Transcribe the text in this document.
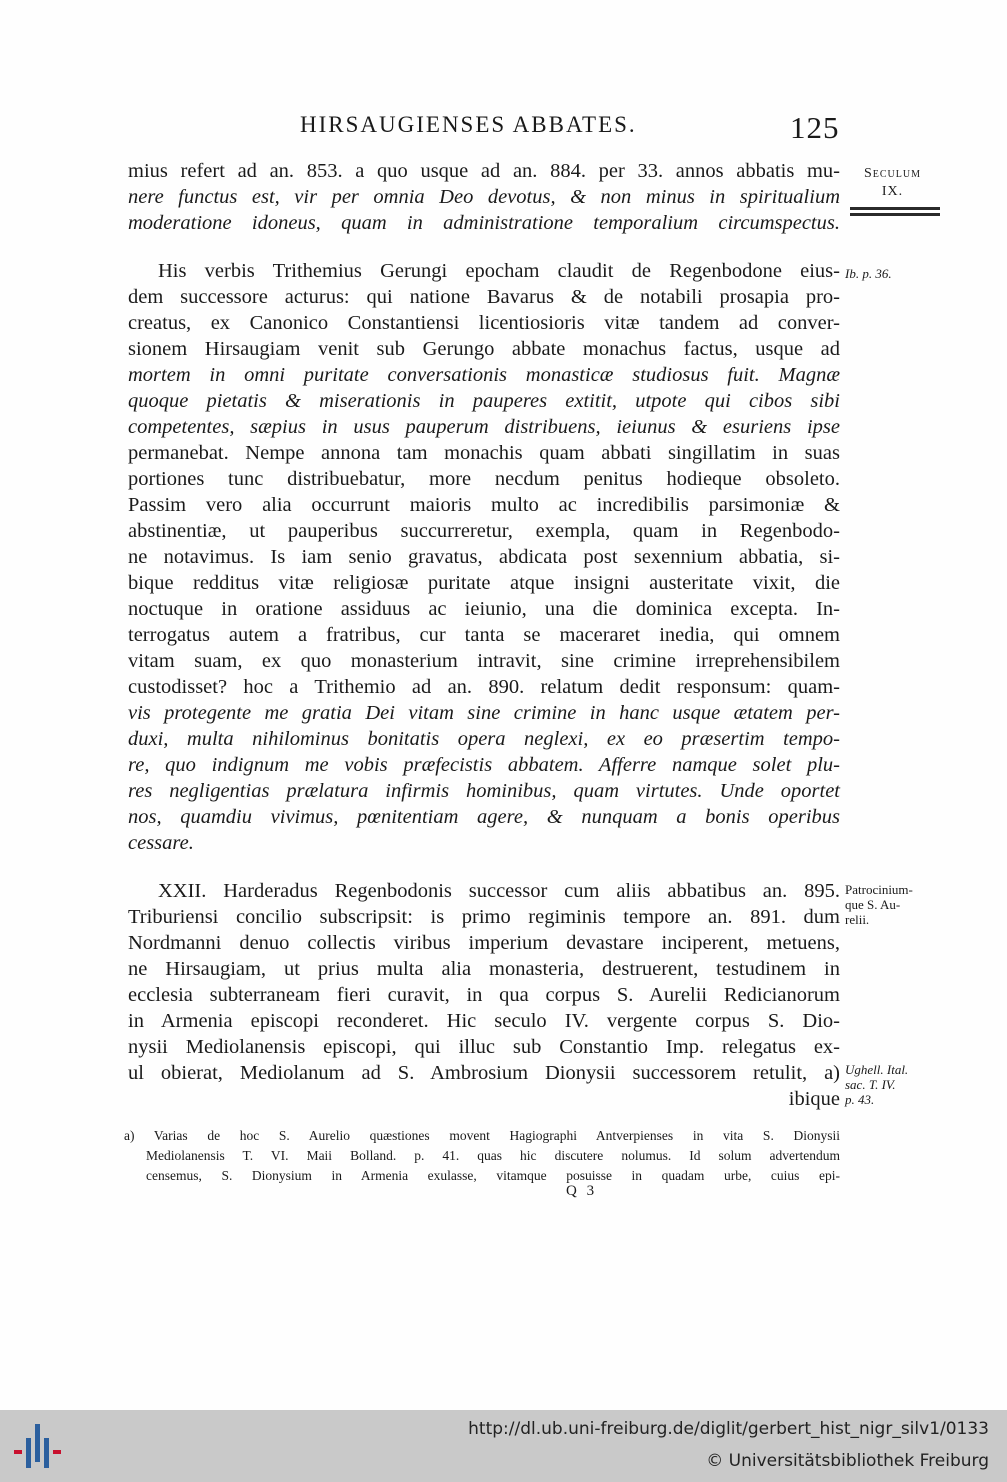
HIRSAUGIENSES ABBATES.	125
mius refert ad an. 853. a quo usque ad an. 884. per 33. annos abbatis mu-
nere functus est, vir per omnia Deo devotus, & non minus in spiritualium
moderatione idoneus, quam in administratione temporalium circumspectus.
His verbis Trithemius Gerungi epocham claudit de Regenbodone eius-
dem successore acturus: qui natione Bavarus & de notabili prosapia pro-
creatus, ex Canonico Constantiensi licentiosioris vitæ tandem ad conver-
sionem Hirsaugiam venit sub Gerungo abbate monachus factus, usque ad
mortem in omni puritate conversationis monasticæ studiosus fuit. Magnæ
quoque pietatis & miserationis in pauperes extitit, utpote qui cibos sibi
competentes, sæpius in usus pauperum distribuens, ieiunus & esuriens ipse
permanebat. Nempe annona tam monachis quam abbati singillatim in suas
portiones tunc distribuebatur, more necdum penitus hodieque obsoleto.
Passim vero alia occurrunt maioris multo ac incredibilis parsimoniæ &
abstinentiæ, ut pauperibus succurreretur, exempla, quam in Regenbodo-
ne notavimus. Is iam senio gravatus, abdicata post sexennium abbatia, si-
bique redditus vitæ religiosæ puritate atque insigni austeritate vixit, die
noctuque in oratione assiduus ac ieiunio, una die dominica excepta. In-
terrogatus autem a fratribus, cur tanta se maceraret inedia, qui omnem
vitam suam, ex quo monasterium intravit, sine crimine irreprehensibilem
custodisset? hoc a Trithemio ad an. 890. relatum dedit responsum: quam-
vis protegente me gratia Dei vitam sine crimine in hanc usque ætatem per-
duxi, multa nihilominus bonitatis opera neglexi, ex eo præsertim tempo-
re, quo indignum me vobis præfecistis abbatem. Afferre namque solet plu-
res negligentias prælatura infirmis hominibus, quam virtutes. Unde oportet
nos, quamdiu vivimus, pœnitentiam agere, & nunquam a bonis operibus
cessare.
XXII. Harderadus Regenbodonis successor cum aliis abbatibus an. 895.
Triburiensi concilio subscripsit: is primo regiminis tempore an. 891. dum
Nordmanni denuo collectis viribus imperium devastare inciperent, metuens,
ne Hirsaugiam, ut prius multa alia monasteria, destruerent, testudinem in
ecclesia subterraneam fieri curavit, in qua corpus S. Aurelii Redicianorum
in Armenia episcopi reconderet. Hic seculo IV. vergente corpus S. Dio-
nysii Mediolanensis episcopi, qui illuc sub Constantio Imp. relegatus ex-
ul obierat, Mediolanum ad S. Ambrosium Dionysii successorem retulit, a)
ibique
Seculum
IX.
Ib. p. 36.
Patrocinium-
que S. Au-
relii.
Ughell. Ital.
sac. T. IV.
p. 43.
a) Varias de hoc S. Aurelio quæstiones movent Hagiographi Antverpienses in vita S. Dionysii
Mediolanensis T. VI. Maii Bolland. p. 41. quas hic discutere nolumus. Id solum advertendum
censemus, S. Dionysium in Armenia exulasse, vitamque posuisse in quadam urbe, cuius epi-
Q 3
http://dl.ub.uni-freiburg.de/diglit/gerbert_hist_nigr_silv1/0133
© Universitätsbibliothek Freiburg
